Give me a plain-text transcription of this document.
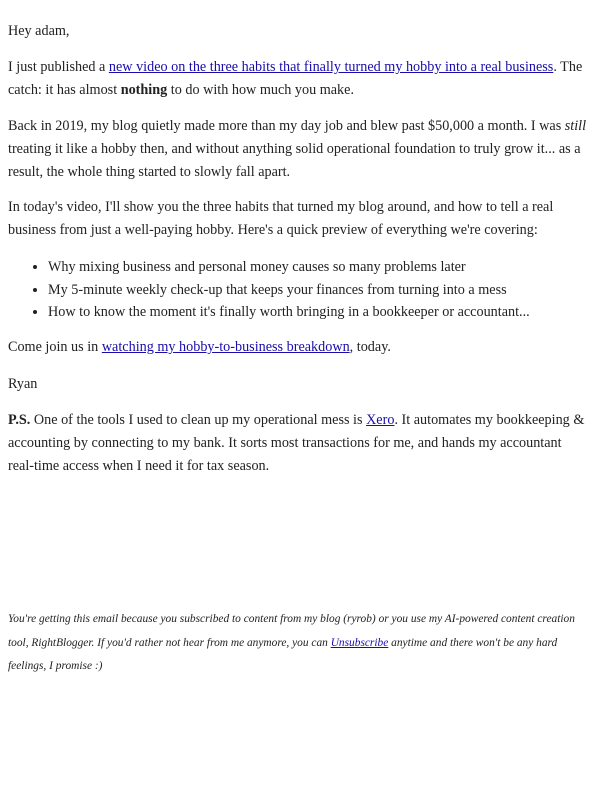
Hey adam,

I just published a new video on the three habits that finally turned my hobby into a real business. The catch: it has almost nothing to do with how much you make.

Back in 2019, my blog quietly made more than my day job and blew past $50,000 a month. I was still treating it like a hobby then, and without anything solid operational foundation to truly grow it... as a result, the whole thing started to slowly fall apart.

In today's video, I'll show you the three habits that turned my blog around, and how to tell a real business from just a well-paying hobby. Here's a quick preview of everything we're covering:

• Why mixing business and personal money causes so many problems later
• My 5-minute weekly check-up that keeps your finances from turning into a mess
• How to know the moment it's finally worth bringing in a bookkeeper or accountant...

Come join us in watching my hobby-to-business breakdown, today.

Ryan

P.S. One of the tools I used to clean up my operational mess is Xero. It automates my bookkeeping & accounting by connecting to my bank. It sorts most transactions for me, and hands my accountant real-time access when I need it for tax season.

You're getting this email because you subscribed to content from my blog (ryrob) or you use my AI-powered content creation tool, RightBlogger. If you'd rather not hear from me anymore, you can Unsubscribe anytime and there won't be any hard feelings, I promise :)
